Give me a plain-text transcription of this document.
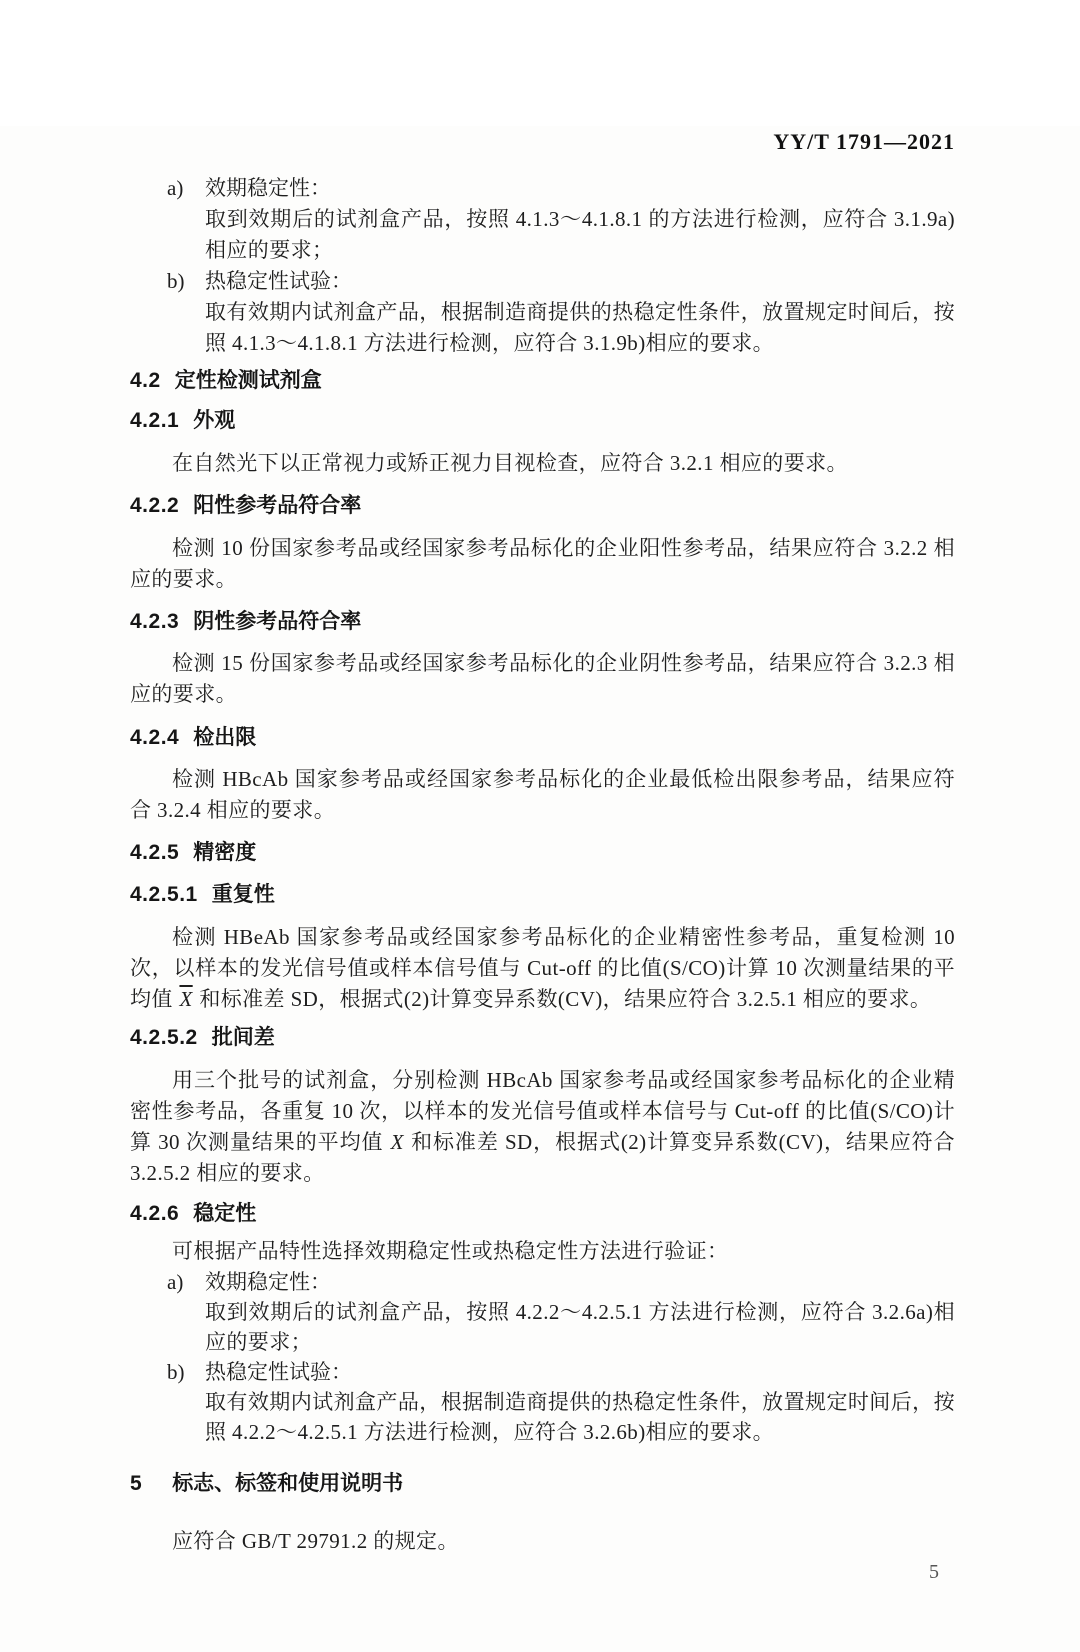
YY/T 1791—2021
a) 效期稳定性：
取到效期后的试剂盒产品，按照 4.1.3～4.1.8.1 的方法进行检测，应符合 3.1.9a)相应的要求；
b) 热稳定性试验：
取有效期内试剂盒产品，根据制造商提供的热稳定性条件，放置规定时间后，按照 4.1.3～4.1.8.1 方法进行检测，应符合 3.1.9b)相应的要求。
4.2 定性检测试剂盒
4.2.1 外观

在自然光下以正常视力或矫正视力目视检查，应符合 3.2.1 相应的要求。

4.2.2 阳性参考品符合率

检测 10 份国家参考品或经国家参考品标化的企业阳性参考品，结果应符合 3.2.2 相应的要求。

4.2.3 阴性参考品符合率

检测 15 份国家参考品或经国家参考品标化的企业阴性参考品，结果应符合 3.2.3 相应的要求。

4.2.4 检出限

检测 HBcAb 国家参考品或经国家参考品标化的企业最低检出限参考品，结果应符合 3.2.4 相应的要求。

4.2.5 精密度
4.2.5.1 重复性

检测 HBeAb 国家参考品或经国家参考品标化的企业精密性参考品，重复检测 10 次，以样本的发光信号值或样本信号值与 Cut-off 的比值(S/CO)计算 10 次测量结果的平均值 $\overline{X}$ 和标准差 SD，根据式(2)计算变异系数(CV)，结果应符合 3.2.5.1 相应的要求。

4.2.5.2 批间差

用三个批号的试剂盒，分别检测 HBcAb 国家参考品或经国家参考品标化的企业精密性参考品，各重复 10 次，以样本的发光信号值或样本信号与 Cut-off 的比值(S/CO)计算 30 次测量结果的平均值 X 和标准差 SD，根据式(2)计算变异系数(CV)，结果应符合 3.2.5.2 相应的要求。

4.2.6 稳定性

可根据产品特性选择效期稳定性或热稳定性方法进行验证：

a) 效期稳定性：
取到效期后的试剂盒产品，按照 4.2.2～4.2.5.1 方法进行检测，应符合 3.2.6a)相应的要求；
b) 热稳定性试验：
取有效期内试剂盒产品，根据制造商提供的热稳定性条件，放置规定时间后，按照 4.2.2～4.2.5.1 方法进行检测，应符合 3.2.6b)相应的要求。
5 标志、标签和使用说明书

应符合 GB/T 29791.2 的规定。

5
